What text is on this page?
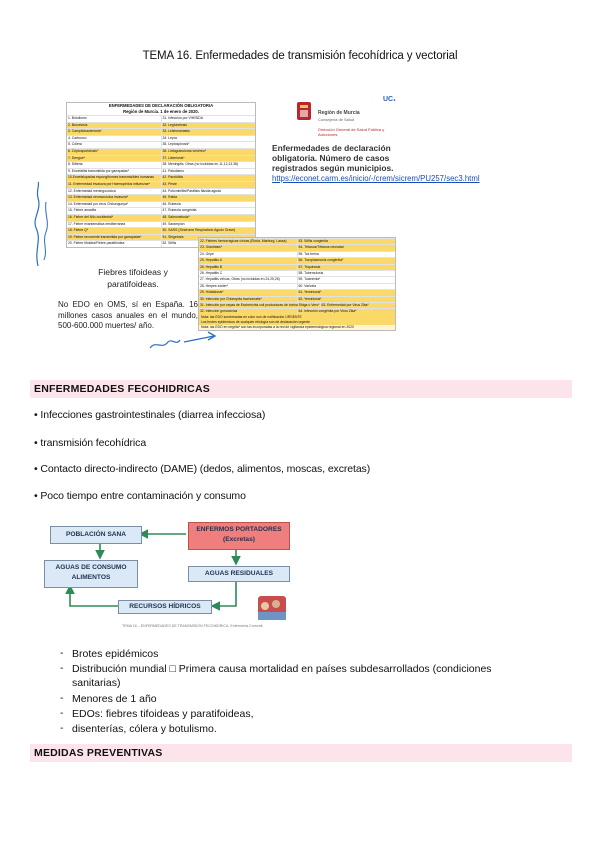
TEMA 16. Enfermedades de transmisión fecohídrica y vectorial
ENFERMEDADES DE DECLARACIÓN OBLIGATORIA
Región de Murcia. 1 de enero de 2020.
1. Botulismo	31. Infección por VIH/SIDA
2. Brucelosis	32. Legionelosis
3. Campilobacteriosis*	33. Leishmaniasis
4. Carbunco	34. Lepra
5. Cólera	35. Leptospirosis*
6. Criptosporidiosis*	36. Linfogranuloma venéreo*
7. Dengue*	37. Listeriosis*
8. Difteria	38. Meningitis, Otras (no incluidas en 11,12,13,38)
9. Encefalitis transmitida por garrapatas*	41. Paludismo
10.Encefalopatías espongiformes transmisibles humanas	42. Parotiditis
11. Enfermedad invasora por Haemophilus influenzae*	43. Peste
12. Enfermedad meningocócica	44. Poliomielitis/Parálisis flácida aguda
13. Enfermedad neumocócica invasora*	45. Rabia
14. Enfermedad por virus Chikungunya*	46. Rubeola
15. Fiebre amarilla	47. Rubeola congénita
16. Fiebre del Nilo occidental*	48. Salmonelosis*
17. Fiebre exantemática mediterránea	49. Sarampión
18. Fiebre Q*	50. SARS (Síndrome Respiratorio Agudo Grave)
19. Fiebre recurrente transmitida por garrapatas*	51. Shigelosis
20. Fiebre tifoidea/Fiebre paratifoidea	52. Sífilis
Región de Murcia
Consejería de Salud
Dirección General de Salud Pública y Adicciones
UC₁
Enfermedades de declaración obligatoria. Número de casos registrados según municipios.
https://econet.carm.es/inicio/-/crem/sicrem/PU257/sec3.html
Fiebres tifoideas y
paratifoideas.
No EDO en OMS, sí en España. 16 millones casos anuales en el mundo, 500-600.000 muertes/ año.
22. Fiebres hemorrágicas víricas (Ébola, Marburg, Lassa)	53. Sífilis congénita
23. Giardiasis*	54. Tétanos/Tétanos neonatal
24. Gripe	55. Tos ferina
25. Hepatitis A	56. Toxoplasmosis congénita*
26. Hepatitis B	57. Triquinosis
26. Hepatitis C	58. Tuberculosis
27. Hepatitis víricas, Otras (no incluidas en 24,25,26)	59. Tularemia*
28. Herpes zóster*	60. Varicela
29. Hidatidosis*	61. Yersiniosis*
30. Infección por Chlamydia trachomatis*	62. Yersiniosis*
31. Infección por cepas de Escherichia coli productoras de toxina Shiga o Vero* 63. Enfermedad por Virus Zika*
32. Infección gonocócica	64. Infección congénita por Virus Zika*
Nota: las EDO sombreadas en color son de notificación URGENTE
Los brotes epidémicos de cualquier etiología son de declaración urgente
Nota: las EDO en negrita* son las incorporadas a la red de vigilancia epidemiológica regional en 2020
ENFERMEDADES FECOHIDRICAS
• Infecciones gastrointestinales (diarrea infecciosa)
• transmisión fecohídrica
• Contacto directo-indirecto (DAME) (dedos, alimentos, moscas, excretas)
• Poco tiempo entre contaminación y consumo
POBLACIÓN SANA
ENFERMOS PORTADORES
(Excretas)
AGUAS DE CONSUMO
ALIMENTOS
AGUAS RESIDUALES
RECURSOS HÍDRICOS
TEMA 16 – ENFERMEDADES DE TRANSMISIÓN FECOHÍDRICA. Enfermería Comunit
- Brotes epidémicos
- Distribución mundial □ Primera causa mortalidad en países subdesarrollados (condiciones sanitarias)
- Menores de 1 año
- EDOs: fiebres tifoideas y paratifoideas,
- disenterías, cólera y botulismo.
MEDIDAS PREVENTIVAS
